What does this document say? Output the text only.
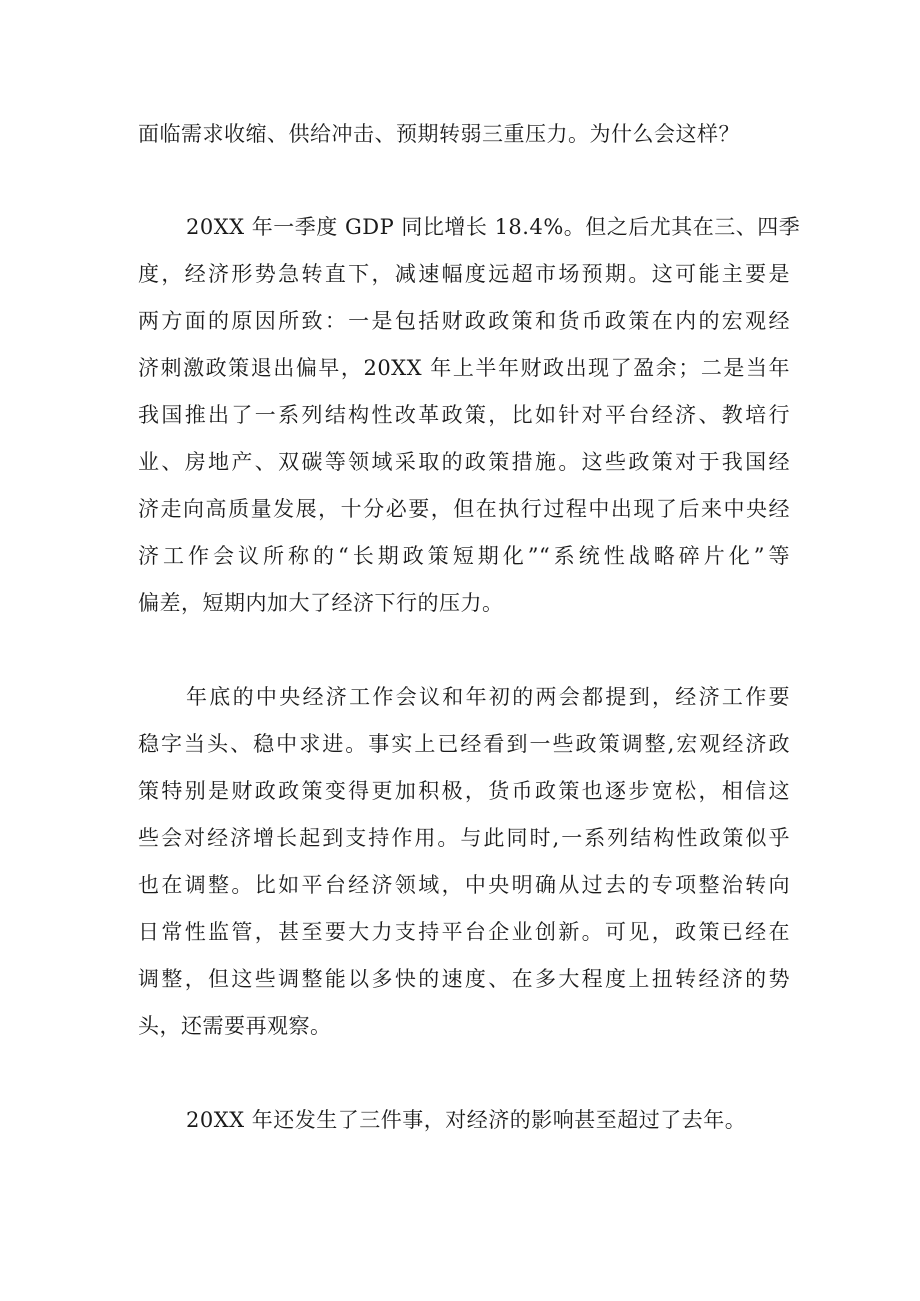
面临需求收缩、供给冲击、预期转弱三重压力。为什么会这样？
20XX 年一季度 GDP 同比增长 18.4%。但之后尤其在三、四季
度，经济形势急转直下，减速幅度远超市场预期。这可能主要是
两方面的原因所致：一是包括财政政策和货币政策在内的宏观经
济刺激政策退出偏早，20XX 年上半年财政出现了盈余；二是当年
我国推出了一系列结构性改革政策，比如针对平台经济、教培行
业、房地产、双碳等领域采取的政策措施。这些政策对于我国经
济走向高质量发展，十分必要，但在执行过程中出现了后来中央经
济工作会议所称的“长期政策短期化”“系统性战略碎片化”等
偏差，短期内加大了经济下行的压力。
年底的中央经济工作会议和年初的两会都提到，经济工作要
稳字当头、稳中求进。事实上已经看到一些政策调整,宏观经济政
策特别是财政政策变得更加积极，货币政策也逐步宽松，相信这
些会对经济增长起到支持作用。与此同时,一系列结构性政策似乎
也在调整。比如平台经济领域，中央明确从过去的专项整治转向
日常性监管，甚至要大力支持平台企业创新。可见，政策已经在
调整，但这些调整能以多快的速度、在多大程度上扭转经济的势
头，还需要再观察。
20XX 年还发生了三件事，对经济的影响甚至超过了去年。
